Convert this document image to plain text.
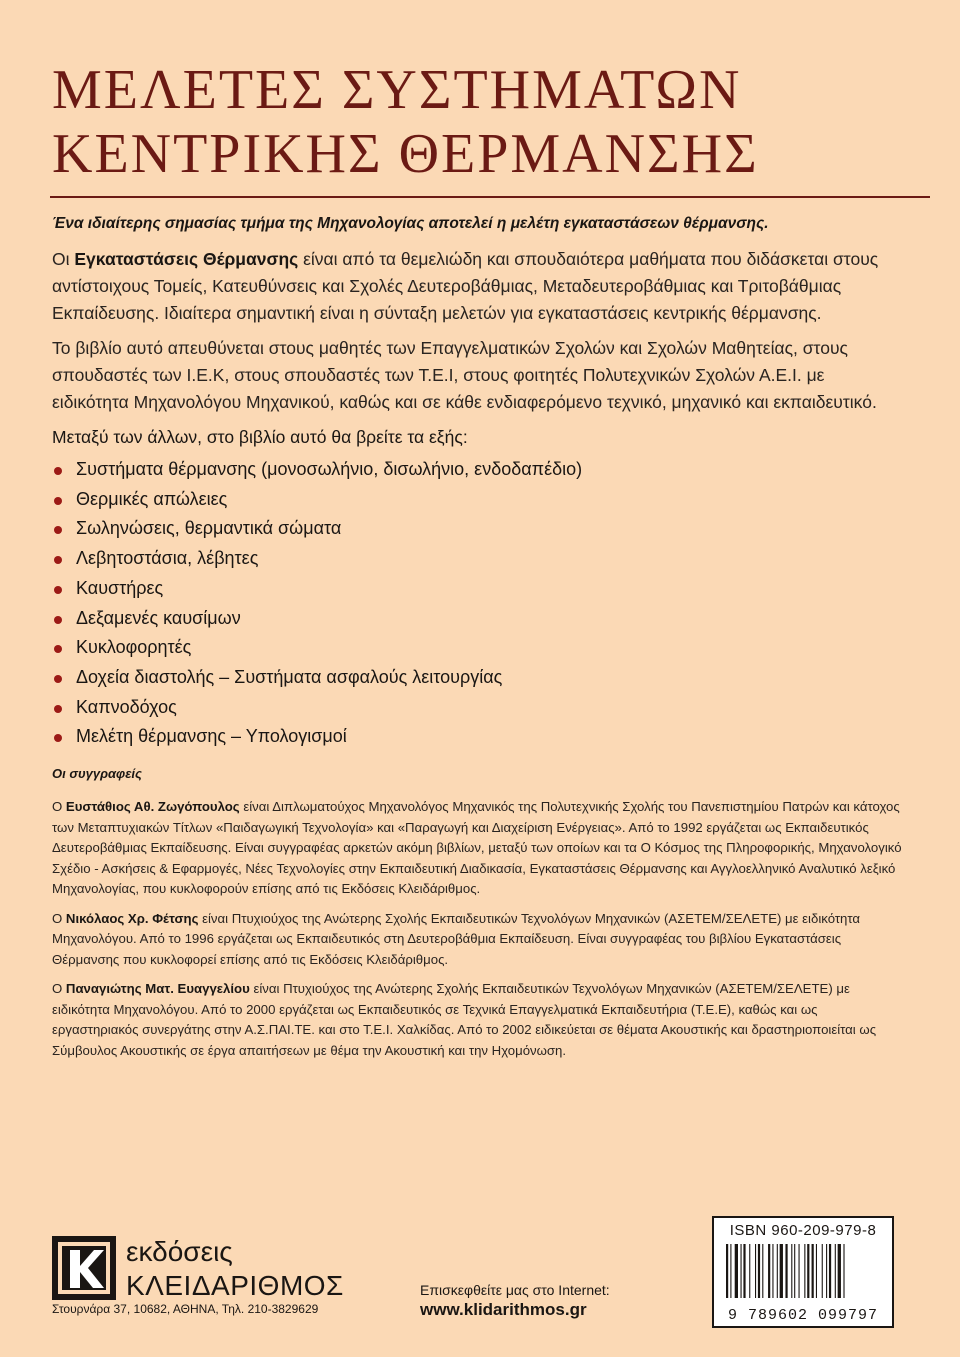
ΜΕΛΕΤΕΣ ΣΥΣΤΗΜΑΤΩΝ
ΚΕΝΤΡΙΚΗΣ ΘΕΡΜΑΝΣΗΣ

Ένα ιδιαίτερης σημασίας τμήμα της Μηχανολογίας αποτελεί η μελέτη εγκαταστάσεων θέρμανσης.

Οι Εγκαταστάσεις Θέρμανσης είναι από τα θεμελιώδη και σπουδαιότερα μαθήματα που διδάσκεται στους αντίστοιχους Τομείς, Κατευθύνσεις και Σχολές Δευτεροβάθμιας, Μεταδευτεροβάθμιας και Τριτοβάθμιας Εκπαίδευσης. Ιδιαίτερα σημαντική είναι η σύνταξη μελετών για εγκαταστάσεις κεντρικής θέρμανσης.

Το βιβλίο αυτό απευθύνεται στους μαθητές των Επαγγελματικών Σχολών και Σχολών Μαθητείας, στους σπουδαστές των Ι.Ε.Κ, στους σπουδαστές των Τ.Ε.Ι, στους φοιτητές Πολυτεχνικών Σχολών Α.Ε.Ι. με ειδικότητα Μηχανολόγου Μηχανικού, καθώς και σε κάθε ενδιαφερόμενο τεχνικό, μηχανικό και εκπαιδευτικό.

Μεταξύ των άλλων, στο βιβλίο αυτό θα βρείτε τα εξής:

Συστήματα θέρμανσης (μονοσωλήνιο, δισωλήνιο, ενδοδαπέδιο)
Θερμικές απώλειες
Σωληνώσεις, θερμαντικά σώματα
Λεβητοστάσια, λέβητες
Καυστήρες
Δεξαμενές καυσίμων
Κυκλοφορητές
Δοχεία διαστολής – Συστήματα ασφαλούς λειτουργίας
Καπνοδόχος
Μελέτη θέρμανσης – Υπολογισμοί

Οι συγγραφείς

Ο Ευστάθιος Αθ. Ζωγόπουλος είναι Διπλωματούχος Μηχανολόγος Μηχανικός της Πολυτεχνικής Σχολής του Πανεπιστημίου Πατρών και κάτοχος των Μεταπτυχιακών Τίτλων «Παιδαγωγική Τεχνολογία» και «Παραγωγή και Διαχείριση Ενέργειας». Από το 1992 εργάζεται ως Εκπαιδευτικός Δευτεροβάθμιας Εκπαίδευσης. Είναι συγγραφέας αρκετών ακόμη βιβλίων, μεταξύ των οποίων και τα Ο Κόσμος της Πληροφορικής, Μηχανολογικό Σχέδιο - Ασκήσεις & Εφαρμογές, Νέες Τεχνολογίες στην Εκπαιδευτική Διαδικασία, Εγκαταστάσεις Θέρμανσης και Αγγλοελληνικό Αναλυτικό λεξικό Μηχανολογίας, που κυκλοφορούν επίσης από τις Εκδόσεις Κλειδάριθμος.

Ο Νικόλαος Χρ. Φέτσης είναι Πτυχιούχος της Ανώτερης Σχολής Εκπαιδευτικών Τεχνολόγων Μηχανικών (ΑΣΕΤΕΜ/ΣΕΛΕΤΕ) με ειδικότητα Μηχανολόγου. Από το 1996 εργάζεται ως Εκπαιδευτικός στη Δευτεροβάθμια Εκπαίδευση. Είναι συγγραφέας του βιβλίου Εγκαταστάσεις Θέρμανσης που κυκλοφορεί επίσης από τις Εκδόσεις Κλειδάριθμος.

Ο Παναγιώτης Ματ. Ευαγγελίου είναι Πτυχιούχος της Ανώτερης Σχολής Εκπαιδευτικών Τεχνολόγων Μηχανικών (ΑΣΕΤΕΜ/ΣΕΛΕΤΕ) με ειδικότητα Μηχανολόγου. Από το 2000 εργάζεται ως Εκπαιδευτικός σε Τεχνικά Επαγγελματικά Εκπαιδευτήρια (Τ.Ε.Ε), καθώς και ως εργαστηριακός συνεργάτης στην Α.Σ.ΠΑΙ.ΤΕ. και στο Τ.Ε.Ι. Χαλκίδας. Από το 2002 ειδικεύεται σε θέματα Ακουστικής και δραστηριοποιείται ως Σύμβουλος Ακουστικής σε έργα απαιτήσεων με θέμα την Ακουστική και την Ηχομόνωση.

εκδόσεις
ΚΛΕΙΔΑΡΙΘΜΟΣ
Στουρνάρα 37, 10682, ΑΘΗΝΑ, Τηλ. 210-3829629
Επισκεφθείτε μας στο Internet:
www.klidarithmos.gr
ISBN 960-209-979-8
9 789602 099797
